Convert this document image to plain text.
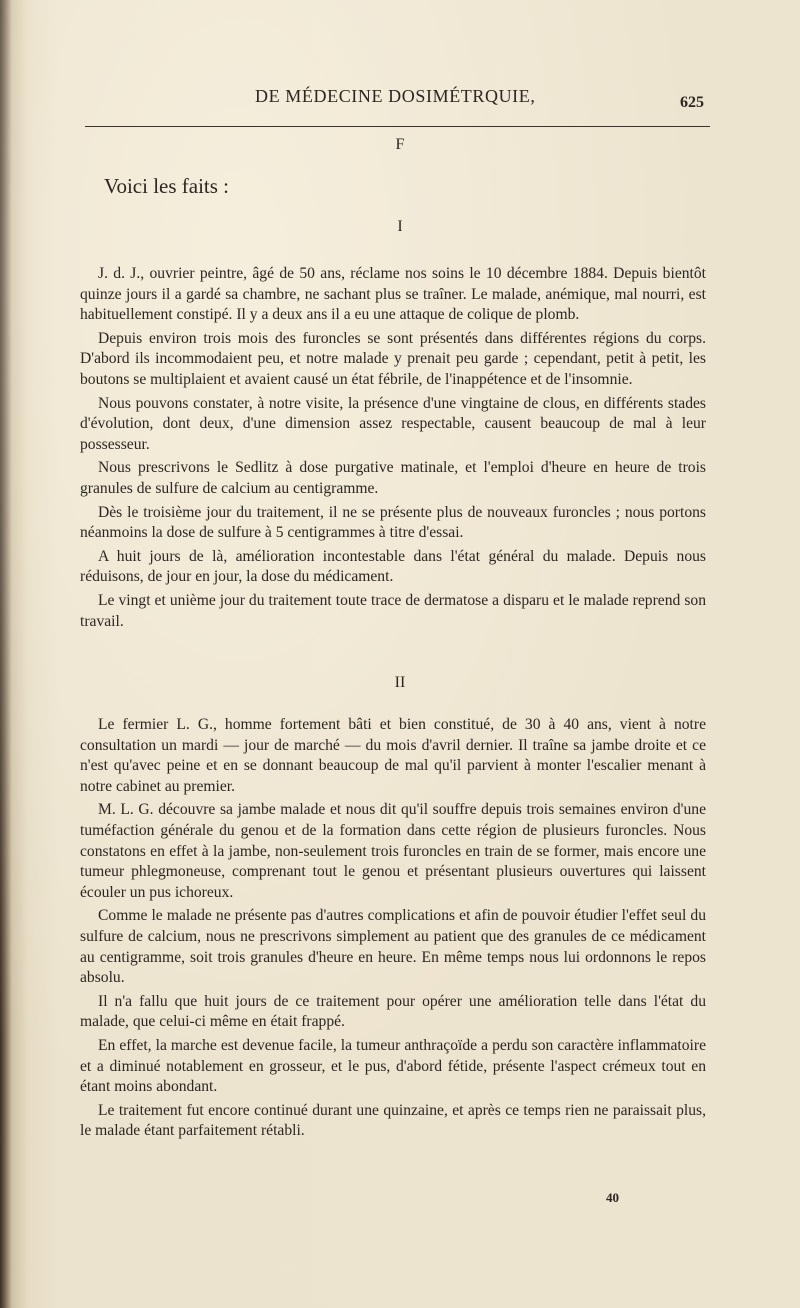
DE MÉDECINE DOSIMÉTRQUIE,	625
F
Voici les faits :
I

J. d. J., ouvrier peintre, âgé de 50 ans, réclame nos soins le 10 décembre 1884. Depuis bientôt quinze jours il a gardé sa chambre, ne sachant plus se traîner. Le malade, anémique, mal nourri, est habituellement constipé. Il y a deux ans il a eu une attaque de colique de plomb.

Depuis environ trois mois des furoncles se sont présentés dans différentes régions du corps. D'abord ils incommodaient peu, et notre malade y prenait peu garde ; cependant, petit à petit, les boutons se multiplaient et avaient causé un état fébrile, de l'inappétence et de l'insomnie.

Nous pouvons constater, à notre visite, la présence d'une vingtaine de clous, en différents stades d'évolution, dont deux, d'une dimension assez respectable, causent beaucoup de mal à leur possesseur.

Nous prescrivons le Sedlitz à dose purgative matinale, et l'emploi d'heure en heure de trois granules de sulfure de calcium au centigramme.

Dès le troisième jour du traitement, il ne se présente plus de nouveaux furoncles ; nous portons néanmoins la dose de sulfure à 5 centigrammes à titre d'essai.

A huit jours de là, amélioration incontestable dans l'état général du malade. Depuis nous réduisons, de jour en jour, la dose du médicament.

Le vingt et unième jour du traitement toute trace de dermatose a disparu et le malade reprend son travail.

II

Le fermier L. G., homme fortement bâti et bien constitué, de 30 à 40 ans, vient à notre consultation un mardi — jour de marché — du mois d'avril dernier. Il traîne sa jambe droite et ce n'est qu'avec peine et en se donnant beaucoup de mal qu'il parvient à monter l'escalier menant à notre cabinet au premier.

M. L. G. découvre sa jambe malade et nous dit qu'il souffre depuis trois semaines environ d'une tuméfaction générale du genou et de la formation dans cette région de plusieurs furoncles. Nous constatons en effet à la jambe, non-seulement trois furoncles en train de se former, mais encore une tumeur phlegmoneuse, comprenant tout le genou et présentant plusieurs ouvertures qui laissent écouler un pus ichoreux.

Comme le malade ne présente pas d'autres complications et afin de pouvoir étudier l'effet seul du sulfure de calcium, nous ne prescrivons simplement au patient que des granules de ce médicament au centigramme, soit trois granules d'heure en heure. En même temps nous lui ordonnons le repos absolu.

Il n'a fallu que huit jours de ce traitement pour opérer une amélioration telle dans l'état du malade, que celui-ci même en était frappé.

En effet, la marche est devenue facile, la tumeur anthraçoïde a perdu son caractère inflammatoire et a diminué notablement en grosseur, et le pus, d'abord fétide, présente l'aspect crémeux tout en étant moins abondant.

Le traitement fut encore continué durant une quinzaine, et après ce temps rien ne paraissait plus, le malade étant parfaitement rétabli.

40
